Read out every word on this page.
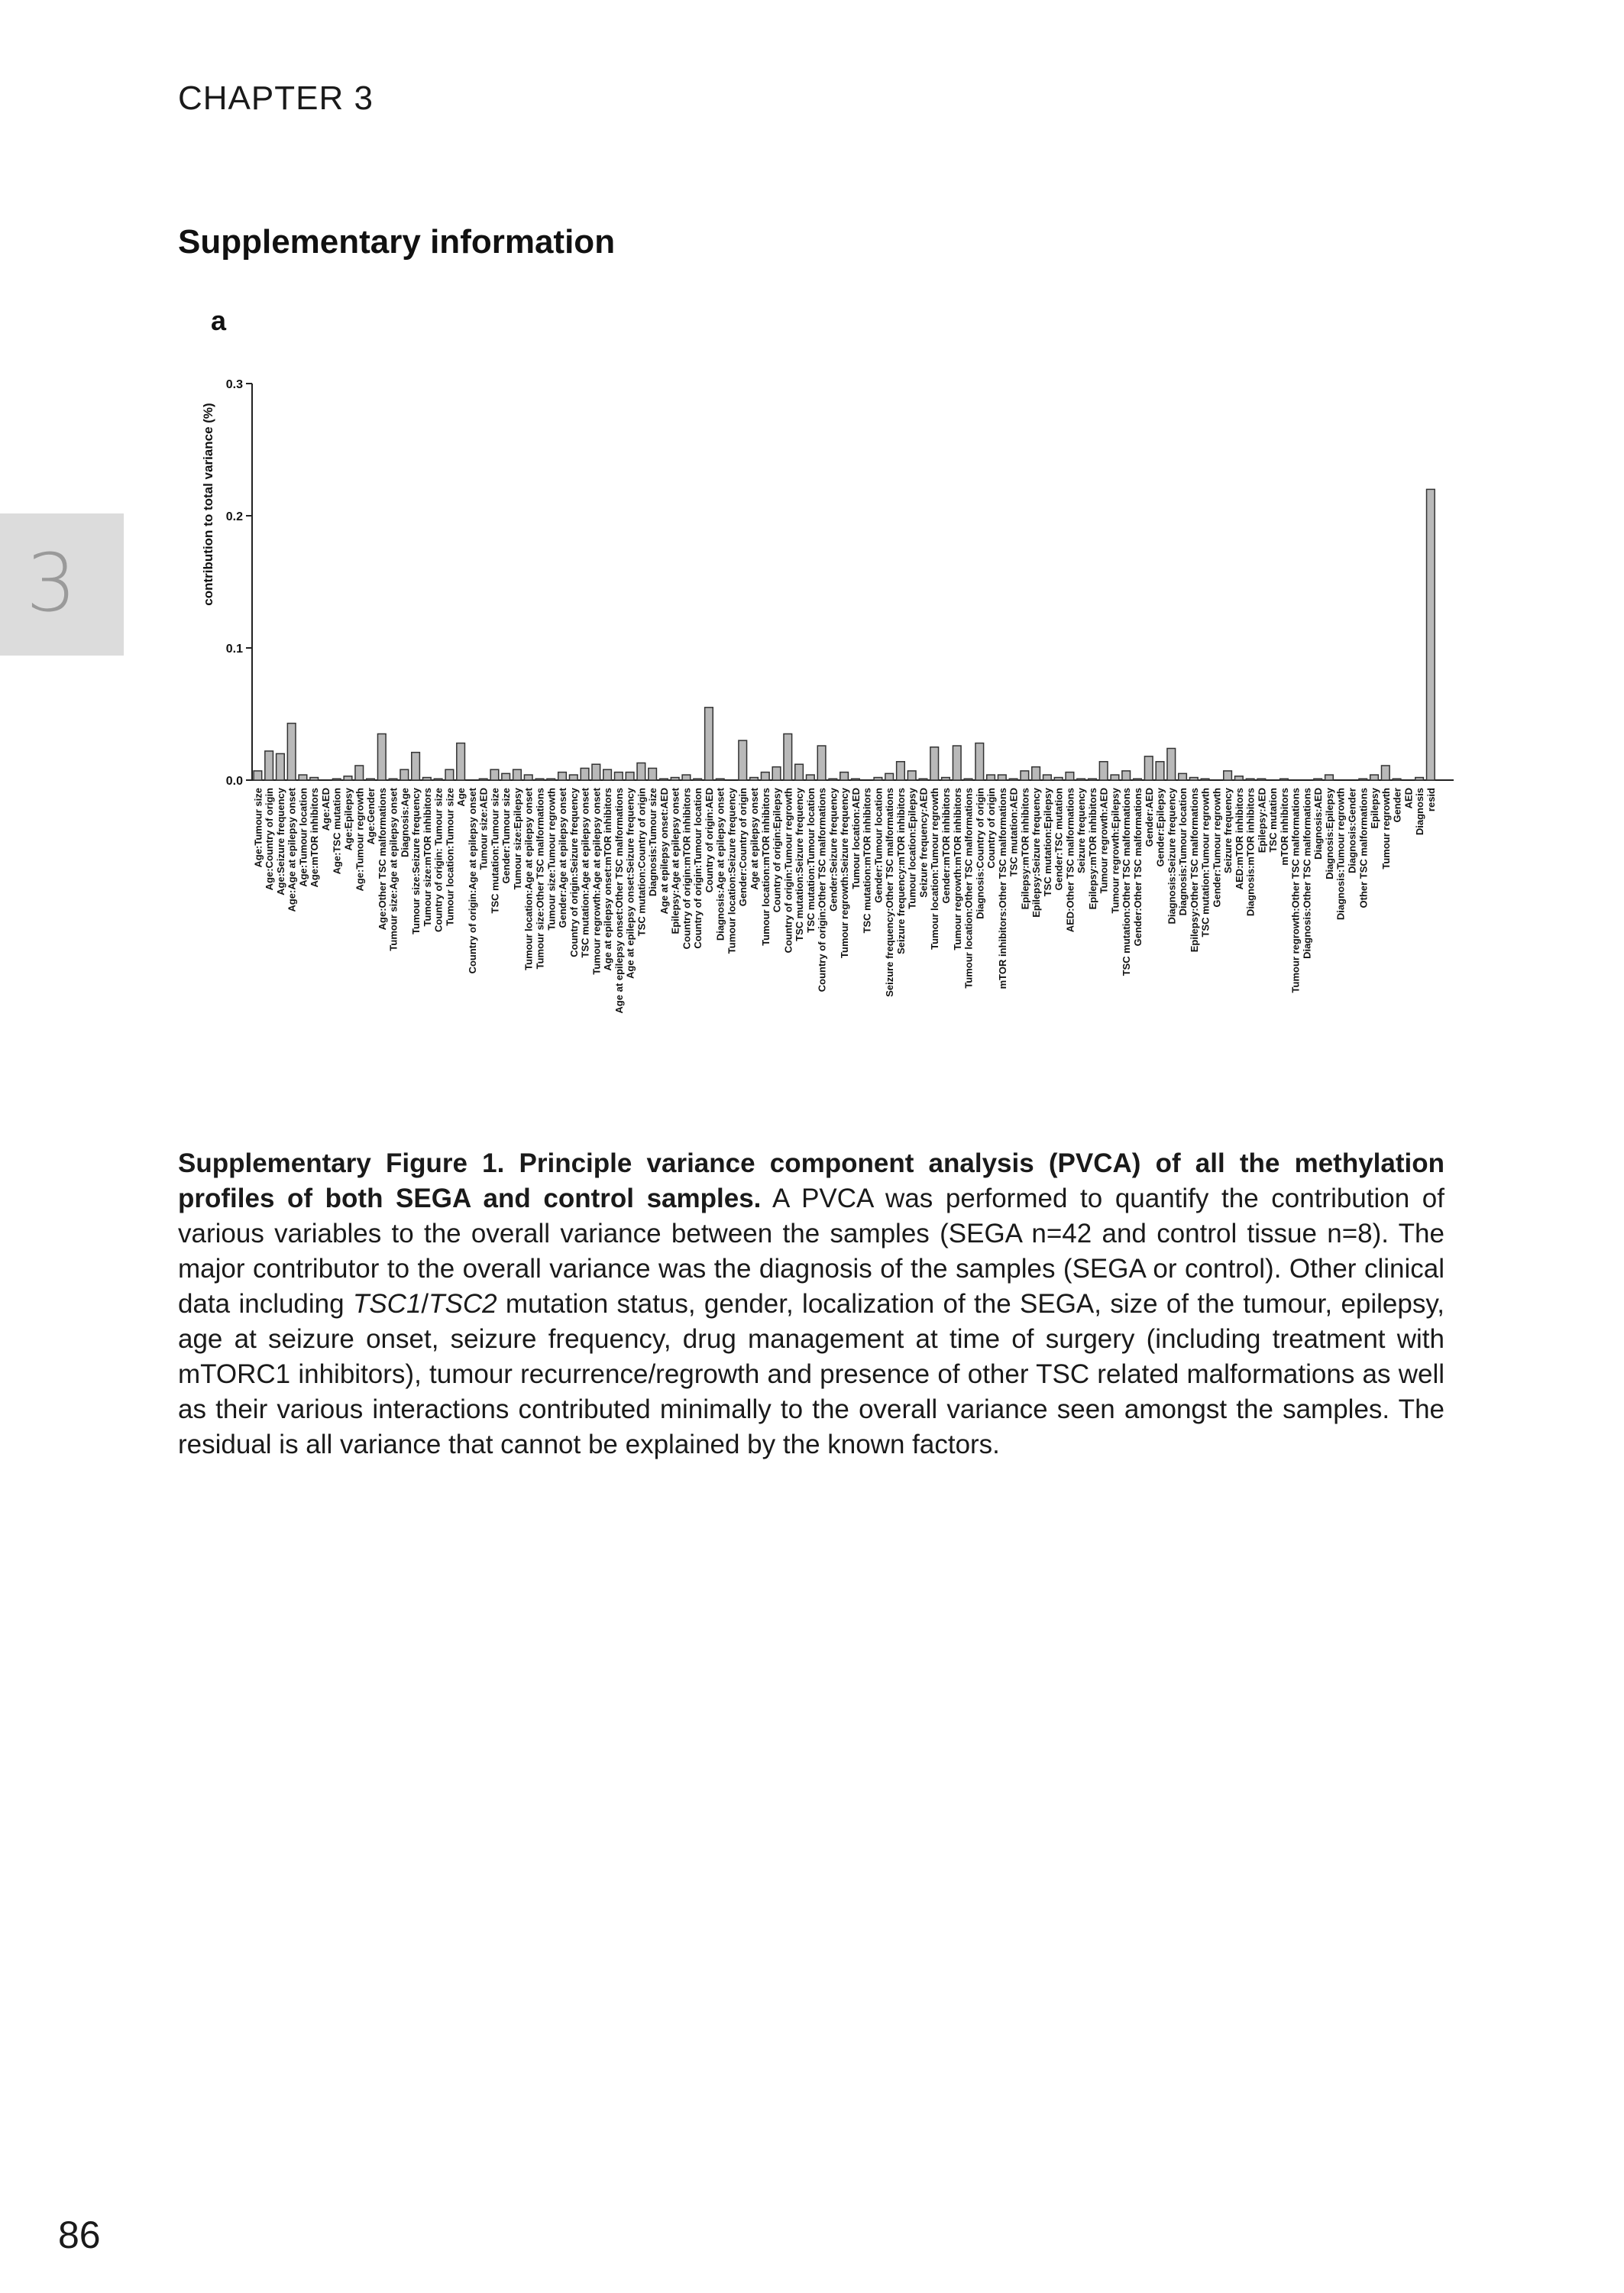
CHAPTER 3
Supplementary information
3
a
contribution to total variance (%)
0.0
0.1
0.2
0.3
Age:Tumour size Age:Country of origin Age:Seizure frequency Age:Age at epilepsy onset Age:Tumour location Age:mTOR inhibitors Age:AED Age:TSC mutation Age:Epilepsy Age:Tumour regrowth Age:Gender Age:Other TSC malformations Tumour size:Age at epilepsy onset Diagnosis:Age Tumour size:Seizure frequency Tumour size:mTOR inhibitors Country of origin: Tumour size Tumour location:Tumour size Age Country of origin:Age at epilepsy onset Tumour size:AED TSC mutation:Tumour size Gender:Tumour size Tumour size:Epilepsy Tumour location:Age at epilepsy onset Tumour size:Other TSC malformations Tumour size:Tumour regrowth Gender:Age at epilepsy onset Country of origin:Seizure frequency TSC mutation:Age at epilepsy onset Tumour regrowth:Age at epilepsy onset Age at epilepsy onset:mTOR inhibitors Age at epilepsy onset:Other TSC malformations Age at epilepsy onset:Seizure frequency TSC mutation:Country of origin Diagnosis:Tumour size Age at epilepsy onset:AED Epilepsy:Age at epilepsy onset Country of origin:mTOR inhibitors Country of origin:Tumour location Country of origin:AED Diagnosis:Age at epilepsy onset Tumour location:Seizure frequency Gender:Country of origin Age at epilepsy onset Tumour location:mTOR inhibitors Country of origin:Epilepsy Country of origin:Tumour regrowth TSC mutation:Seizure frequency TSC mutation:Tumour location Country of origin:Other TSC malformations Gender:Seizure frequency Tumour regrowth:Seizure frequency Tumour location:AED TSC mutation:mTOR inhibitors Gender:Tumour location Seizure frequency:Other TSC malformations Seizure frequency:mTOR inhibitors Tumour location:Epilepsy Seizure frequency:AED Tumour location:Tumour regrowth Gender:mTOR inhibitors Tumour regrowth:mTOR inhibitors Tumour location:Other TSC malformations Diagnosis:Country of origin Country of origin mTOR inhibitors:Other TSC malformations TSC mutation:AED Epilepsy:mTOR inhibitors Epilepsy:Seizure frequency TSC mutation:Epilepsy Gender:TSC mutation AED:Other TSC malformations Seizure frequency Epilepsy:mTOR inhibitors Tumour regrowth:AED Tumour regrowth:Epilepsy TSC mutation:Other TSC malformations Gender:Other TSC malformations Gender:AED Gender:Epilepsy Diagnosis:Seizure frequency Diagnosis:Tumour location Epilepsy:Other TSC malformations TSC mutation:Tumour regrowth Gender:Tumour regrowth Seizure frequency AED:mTOR inhibitors Diagnosis:mTOR inhibitors Epilepsy:AED TSC mutation mTOR inhibitors Tumour regrowth:Other TSC malformations Diagnosis:Other TSC malformations Diagnosis:AED Diagnosis:Epilepsy Diagnosis:Tumour regrowth Diagnosis:Gender Other TSC malformations Epilepsy Tumour regrowth Gender AED Diagnosis resid
Supplementary Figure 1. Principle variance component analysis (PVCA) of all the methylation profiles of both SEGA and control samples. A PVCA was performed to quantify the contribution of various variables to the overall variance between the samples (SEGA n=42 and control tissue n=8). The major contributor to the overall variance was the diagnosis of the samples (SEGA or control). Other clinical data including TSC1/TSC2 mutation status, gender, localization of the SEGA, size of the tumour, epilepsy, age at seizure onset, seizure frequency, drug management at time of surgery (including treatment with mTORC1 inhibitors), tumour recurrence/regrowth and presence of other TSC related malformations as well as their various interactions contributed minimally to the overall variance seen amongst the samples. The residual is all variance that cannot be explained by the known factors.
86
